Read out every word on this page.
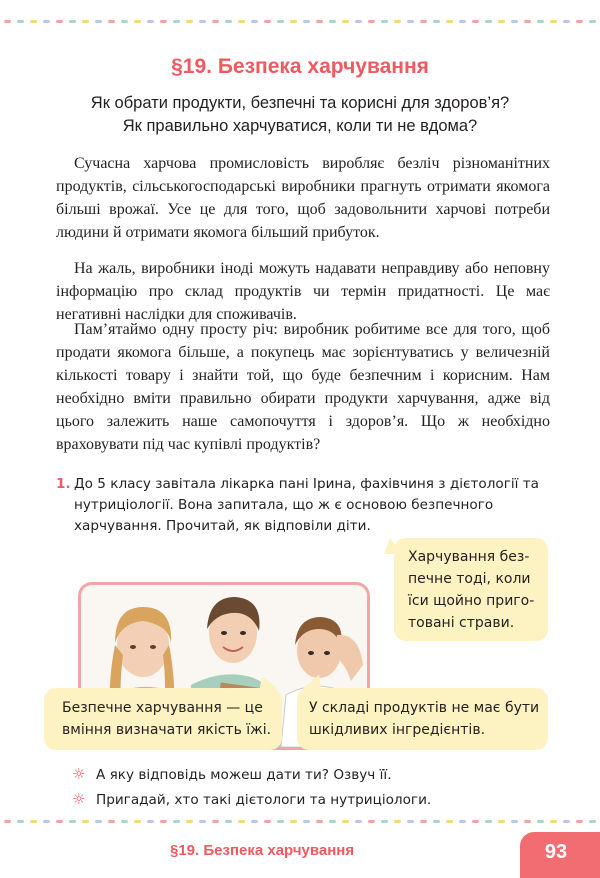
§19. Безпека харчування
Як обрати продукти, безпечні та корисні для здоров’я?
Як правильно харчуватися, коли ти не вдома?

Сучасна харчова промисловість виробляє безліч різноманітних продуктів, сільськогосподарські виробники прагнуть отримати якомога більші врожаї. Усе це для того, щоб задовольнити харчові потреби людини й отримати якомога більший прибуток.

На жаль, виробники іноді можуть надавати неправдиву або неповну інформацію про склад продуктів чи термін придатності. Це має негативні наслідки для споживачів.

Пам’ятаймо одну просту річ: виробник робитиме все для того, щоб продати якомога більше, а покупець має зорієнтуватись у величезній кількості товару і знайти той, що буде безпечним і корисним. Нам необхідно вміти правильно обирати продукти харчування, адже від цього залежить наше самопочуття і здоров’я. Що ж необхідно враховувати під час купівлі продуктів?

1. До 5 класу завітала лікарка пані Ірина, фахівчиня з дієтології та нутриціології. Вона запитала, що ж є основою безпечного харчування. Прочитай, як відповіли діти.
Харчування без-
печне тоді, коли
їси щойно приго-
товані страви.
Безпечне харчування — це
вміння визначати якість їжі.
У складі продуктів не має бути
шкідливих інгредієнтів.
☼ А яку відповідь можеш дати ти? Озвуч її.
☼ Пригадай, хто такі дієтологи та нутриціологи.
§19. Безпека харчування	93
